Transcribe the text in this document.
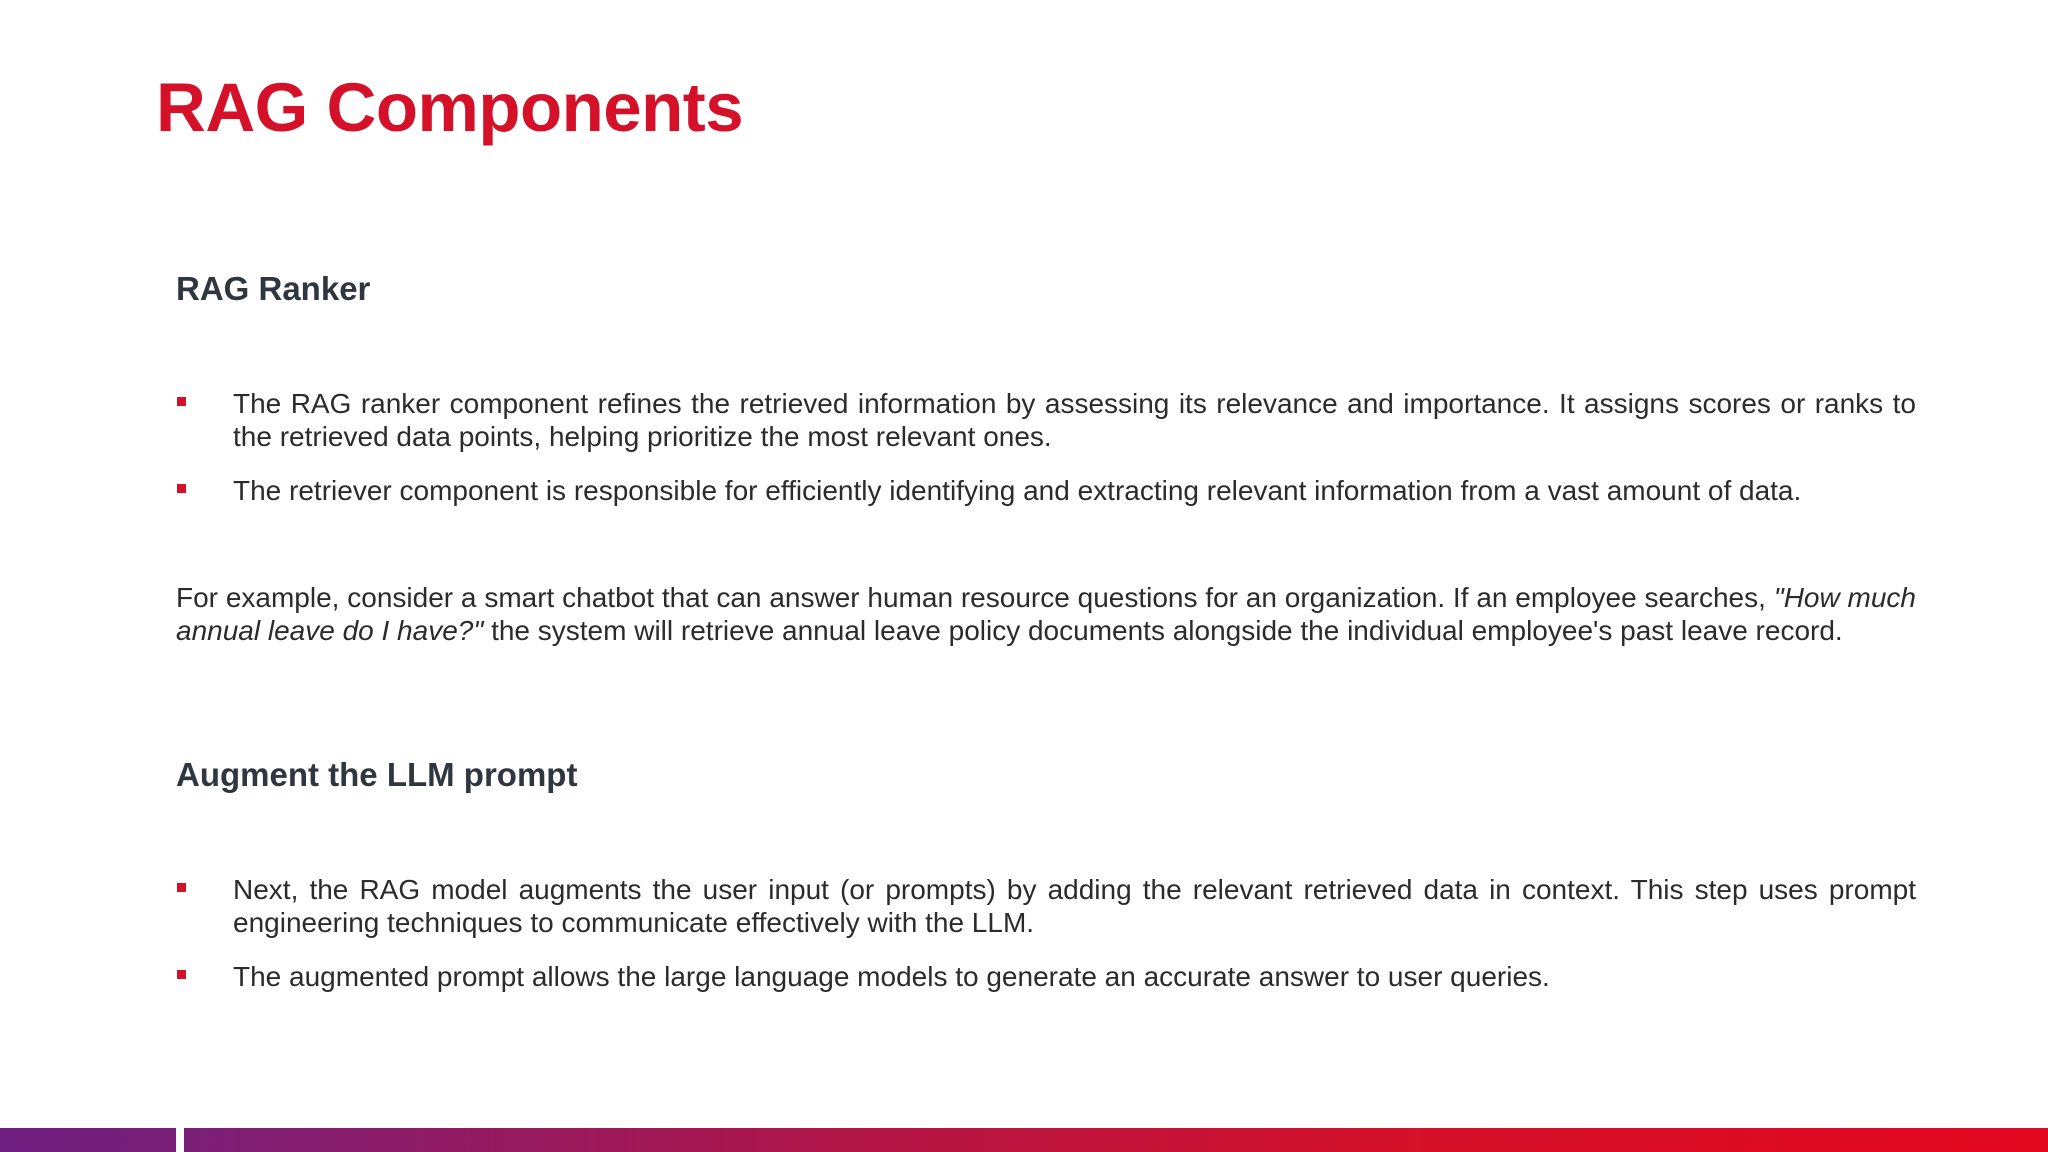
RAG Components
RAG Ranker
The RAG ranker component refines the retrieved information by assessing its relevance and importance. It assigns scores or ranks to the retrieved data points, helping prioritize the most relevant ones.
The retriever component is responsible for efficiently identifying and extracting relevant information from a vast amount of data.

For example, consider a smart chatbot that can answer human resource questions for an organization. If an employee searches, "How much annual leave do I have?" the system will retrieve annual leave policy documents alongside the individual employee's past leave record.

Augment the LLM prompt
Next, the RAG model augments the user input (or prompts) by adding the relevant retrieved data in context. This step uses prompt engineering techniques to communicate effectively with the LLM.
The augmented prompt allows the large language models to generate an accurate answer to user queries.
